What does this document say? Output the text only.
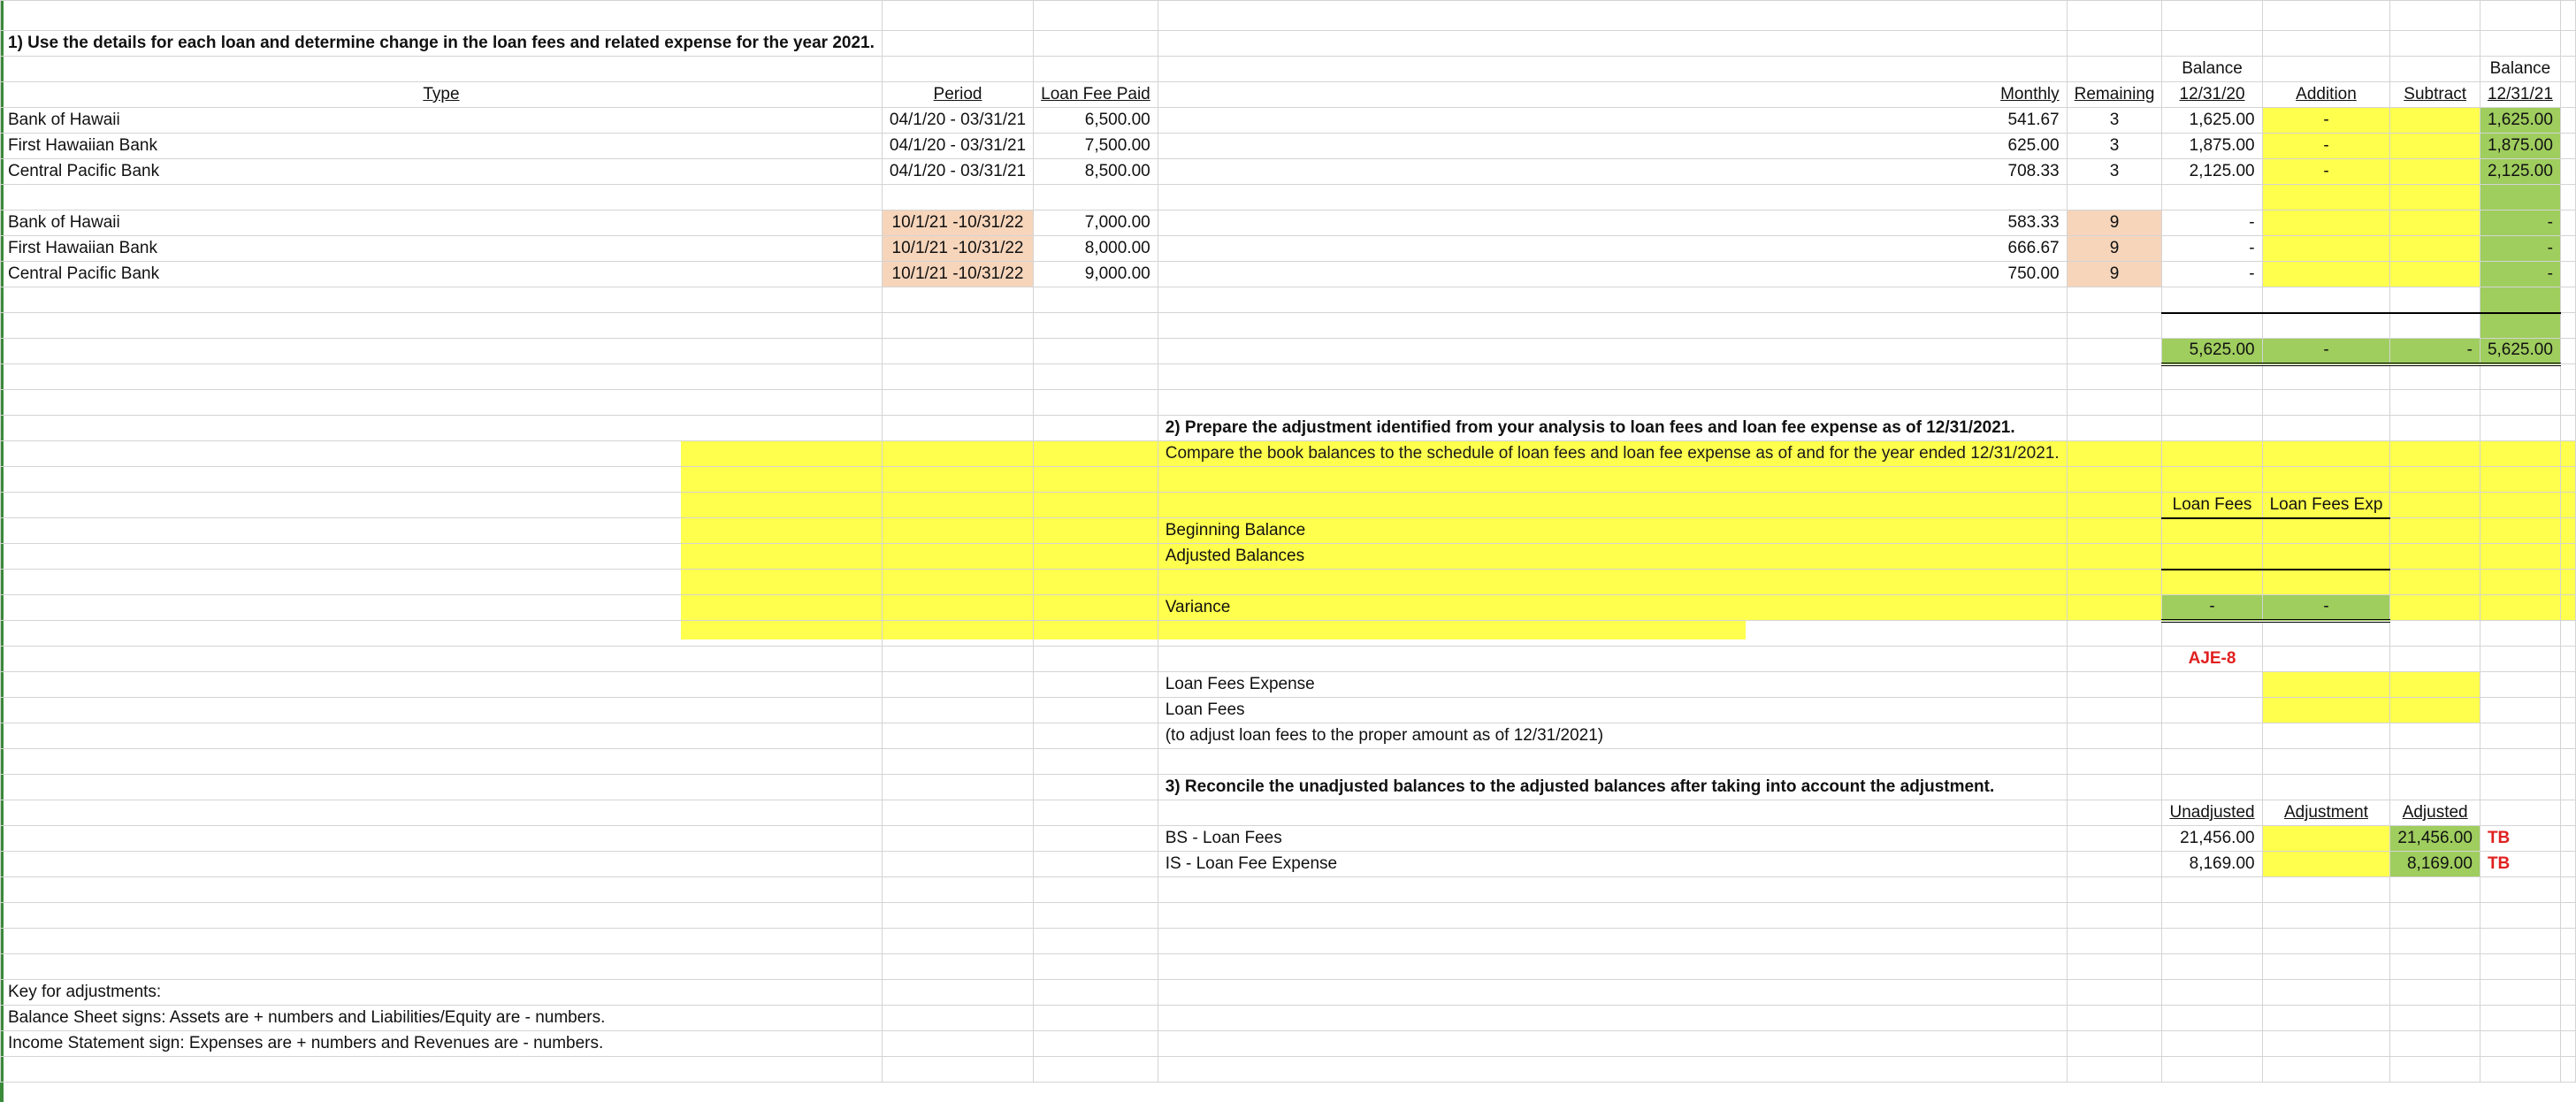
1) Use the details for each loan and determine change in the loan fees and related expense for the year 2021.									
					Balance			Balance	
Type	Period	Loan Fee Paid	Monthly	Remaining	12/31/20	Addition	Subtract	12/31/21	
Bank of Hawaii	04/1/20 - 03/31/21	6,500.00	541.67	3	1,625.00	-		1,625.00	
First Hawaiian Bank	04/1/20 - 03/31/21	7,500.00	625.00	3	1,875.00	-		1,875.00	
Central Pacific Bank	04/1/20 - 03/31/21	8,500.00	708.33	3	2,125.00	-		2,125.00	

Bank of Hawaii	10/1/21 -10/31/22	7,000.00	583.33	9	-			-	
First Hawaiian Bank	10/1/21 -10/31/22	8,000.00	666.67	9	-			-	
Central Pacific Bank	10/1/21 -10/31/22	9,000.00	750.00	9	-			-	

					5,625.00	-	-	5,625.00	

			2) Prepare the adjustment identified from your analysis to loan fees and loan fee expense as of 12/31/2021.						
			Compare the book balances to the schedule of loan fees and loan fee expense as of and for the year ended 12/31/2021.						

					Loan Fees	Loan Fees Exp			
			Beginning Balance						
			Adjusted Balances						

			Variance		-	-			

					AJE-8				
			Loan Fees Expense						
			Loan Fees						
			(to adjust loan fees to the proper amount as of 12/31/2021)						

			3) Reconcile the unadjusted balances to the adjusted balances after taking into account the adjustment.						
					Unadjusted	Adjustment	Adjusted		
			BS - Loan Fees		21,456.00		21,456.00	TB	
			IS - Loan Fee Expense		8,169.00		8,169.00	TB	

Key for adjustments:									
Balance Sheet signs: Assets are + numbers and Liabilities/Equity are - numbers.									
Income Statement sign: Expenses are + numbers and Revenues are - numbers.									
